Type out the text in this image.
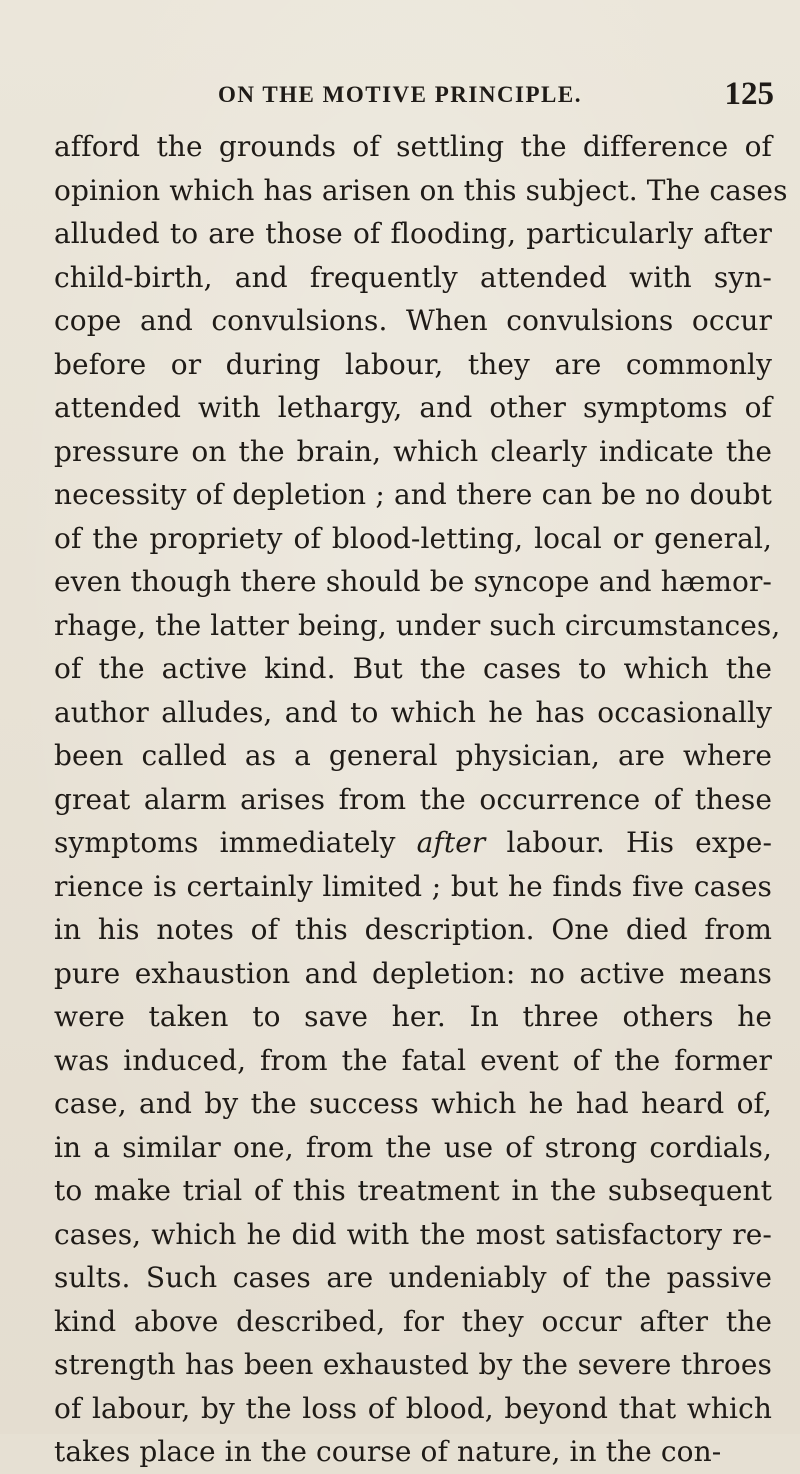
ON THE MOTIVE PRINCIPLE.	125

afford the grounds of settling the difference of
opinion which has arisen on this subject. The cases
alluded to are those of flooding, particularly after
child-birth, and frequently attended with syn-
cope and convulsions. When convulsions occur
before or during labour, they are commonly
attended with lethargy, and other symptoms of
pressure on the brain, which clearly indicate the
necessity of depletion ; and there can be no doubt
of the propriety of blood-letting, local or general,
even though there should be syncope and hæmor-
rhage, the latter being, under such circumstances,
of the active kind. But the cases to which the
author alludes, and to which he has occasionally
been called as a general physician, are where
great alarm arises from the occurrence of these
symptoms immediately after labour. His expe-
rience is certainly limited ; but he finds five cases
in his notes of this description. One died from
pure exhaustion and depletion: no active means
were taken to save her. In three others he
was induced, from the fatal event of the former
case, and by the success which he had heard of,
in a similar one, from the use of strong cordials,
to make trial of this treatment in the subsequent
cases, which he did with the most satisfactory re-
sults. Such cases are undeniably of the passive
kind above described, for they occur after the
strength has been exhausted by the severe throes
of labour, by the loss of blood, beyond that which
takes place in the course of nature, in the con-
